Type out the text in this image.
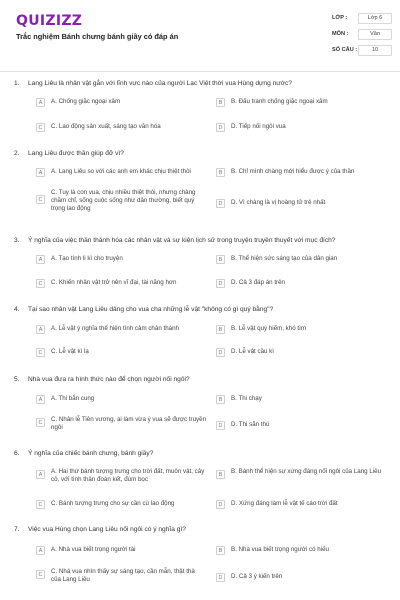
QUIZIZZ
Trắc nghiệm Bánh chưng bánh giầy có đáp án
LỚP :	Lớp 6
MÔN :	Văn
SỐ CÂU :	10
1.	Lang Liêu là nhân vật gắn với lĩnh vực nào của người Lạc Việt thời vua Hùng dựng nước?
A	A. Chống giặc ngoại xâm	B	B. Đấu tranh chống giặc ngoại xâm
C	C. Lao động sản xuất, sáng tạo văn hóa	D	D. Tiếp nối ngôi vua
2.	Lang Liêu được thần giúp đỡ vì?
A	A. Lang Liêu so với các anh em khác chịu thiệt thòi	B	B. Chỉ mình chàng mới hiểu được ý của thần
C
C. Tuy là con vua, chịu nhiều thiệt thòi, nhưng chàng chăm chỉ, sống cuộc sống như dân thường, biết quý trọng lao động
D	D. Vì chàng là vị hoàng tử trẻ nhất
3.	Ý nghĩa của việc thần thánh hóa các nhân vật và sự kiện lịch sử trong truyện truyền thuyết với mục đích?
A	A. Tạo tính li kì cho truyện	B	B. Thể hiện sức sáng tạo của dân gian
C	C. Khiến nhân vật trở nên vĩ đại, tài năng hơn	D	D. Cả 3 đáp án trên
4.	Tại sao nhân vật Lang Liêu dâng cho vua cha những lễ vật "không có gì quý bằng"?
A	A. Lễ vật ý nghĩa thể hiện tình cảm chân thành	B	B. Lễ vật quý hiếm, khó tìm
C	C. Lễ vật kì lạ	D	D. Lễ vật cầu kì
5.	Nhà vua đưa ra hình thức nào để chọn người nối ngôi?
A	A. Thi bắn cung	B	B. Thi chạy
C	C. Nhân lễ Tiên vương, ai làm vừa ý vua sẽ được truyền ngôi	D	D. Thi săn thú
6.	Ý nghĩa của chiếc bánh chưng, bánh giầy?
A	A. Hai thứ bánh tượng trưng cho trời đất, muôn vật, cây cỏ, với tình thân đoàn kết, đùm bọc
B	B. Bánh thể hiện sự xứng đáng nối ngôi của Lang Liêu
C	C. Bánh tượng trưng cho sự cần cù lao động	D	D. Xứng đáng làm lễ vật tế cáo trời đất
7.	Việc vua Hùng chọn Lang Liêu nối ngôi có ý nghĩa gì?
A	A. Nhà vua biết trọng người tài	B	B. Nhà vua biết trọng người có hiếu
C	C. Nhà vua nhìn thấy sự sáng tạo, cần mẫn, thật thà của Lang Liêu	D	D. Cả 3 ý kiến trên
